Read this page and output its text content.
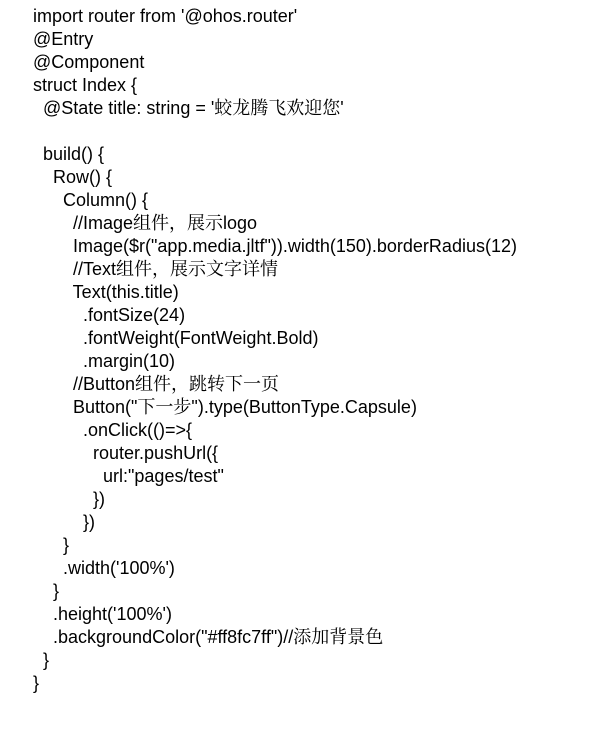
import router from '@ohos.router'
@Entry
@Component
struct Index {
@State title: string = '蛟龙腾飞欢迎您'
build() {
Row() {
Column() {
//Image组件，展示logo
Image($r("app.media.jltf")).width(150).borderRadius(12)
//Text组件，展示文字详情
Text(this.title)
.fontSize(24)
.fontWeight(FontWeight.Bold)
.margin(10)
//Button组件，跳转下一页
Button("下一步").type(ButtonType.Capsule)
.onClick(()=>{
router.pushUrl({
url:"pages/test"
})
})
}
.width('100%')
}
.height('100%')
.backgroundColor("#ff8fc7ff")//添加背景色
}
}
